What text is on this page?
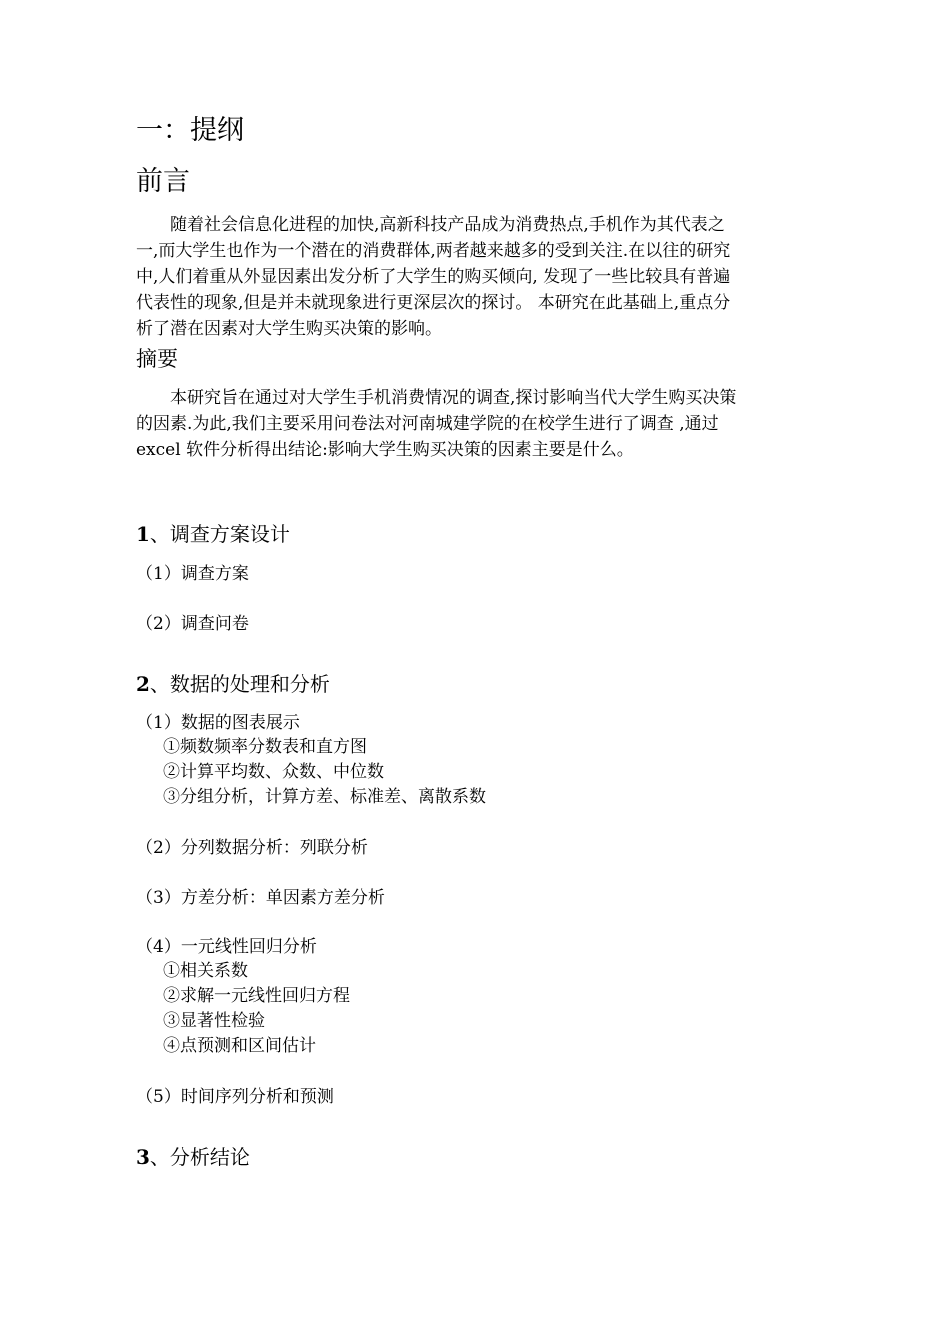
一：提纲
前言
随着社会信息化进程的加快,高新科技产品成为消费热点,手机作为其代表之
一,而大学生也作为一个潜在的消费群体,两者越来越多的受到关注.在以往的研究
中,人们着重从外显因素出发分析了大学生的购买倾向, 发现了一些比较具有普遍
代表性的现象,但是并未就现象进行更深层次的探讨。 本研究在此基础上,重点分
析了潜在因素对大学生购买决策的影响。
摘要
本研究旨在通过对大学生手机消费情况的调查,探讨影响当代大学生购买决策
的因素.为此,我们主要采用问卷法对河南城建学院的在校学生进行了调查 ,通过
excel 软件分析得出结论:影响大学生购买决策的因素主要是什么。
1、调查方案设计
（1）调查方案
（2）调查问卷
2、数据的处理和分析
（1）数据的图表展示
①频数频率分数表和直方图
②计算平均数、众数、中位数
③分组分析，计算方差、标准差、离散系数
（2）分列数据分析：列联分析
（3）方差分析：单因素方差分析
（4）一元线性回归分析
①相关系数
②求解一元线性回归方程
③显著性检验
④点预测和区间估计
（5）时间序列分析和预测
3、分析结论
